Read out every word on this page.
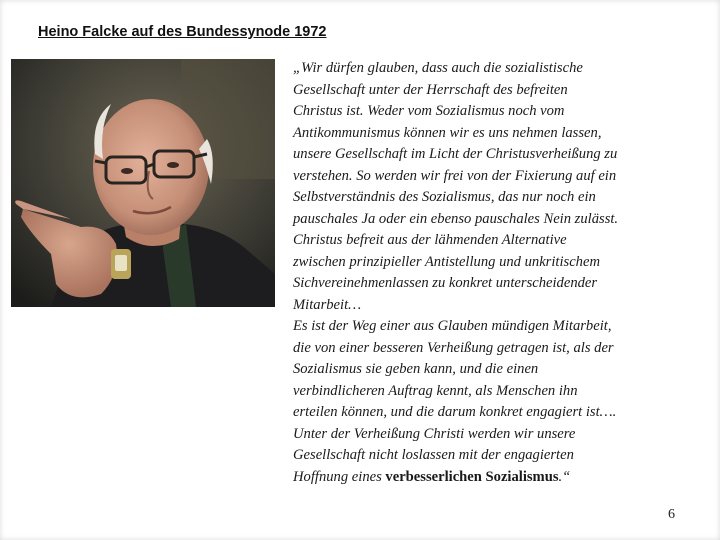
Heino Falcke auf des Bundessynode 1972

„Wir dürfen glauben, dass auch die sozialistische
Gesellschaft unter der Herrschaft des befreiten
Christus ist. Weder vom Sozialismus noch vom
Antikommunismus können wir es uns nehmen lassen,
unsere Gesellschaft im Licht der Christusverheißung zu
verstehen. So werden wir frei von der Fixierung auf ein
Selbstverständnis des Sozialismus, das nur noch ein
pauschales Ja oder ein ebenso pauschales Nein zulässt.
Christus befreit aus der lähmenden Alternative
zwischen prinzipieller Antistellung und unkritischem
Sichvereinehmenlassen zu konkret unterscheidender
Mitarbeit…
Es ist der Weg einer aus Glauben mündigen Mitarbeit,
die von einer besseren Verheißung getragen ist, als der
Sozialismus sie geben kann, und die einen
verbindlicheren Auftrag kennt, als Menschen ihn
erteilen können, und die darum konkret engagiert ist….
Unter der Verheißung Christi werden wir unsere
Gesellschaft nicht loslassen mit der engagierten
Hoffnung eines verbesserlichen Sozialismus.“

6
